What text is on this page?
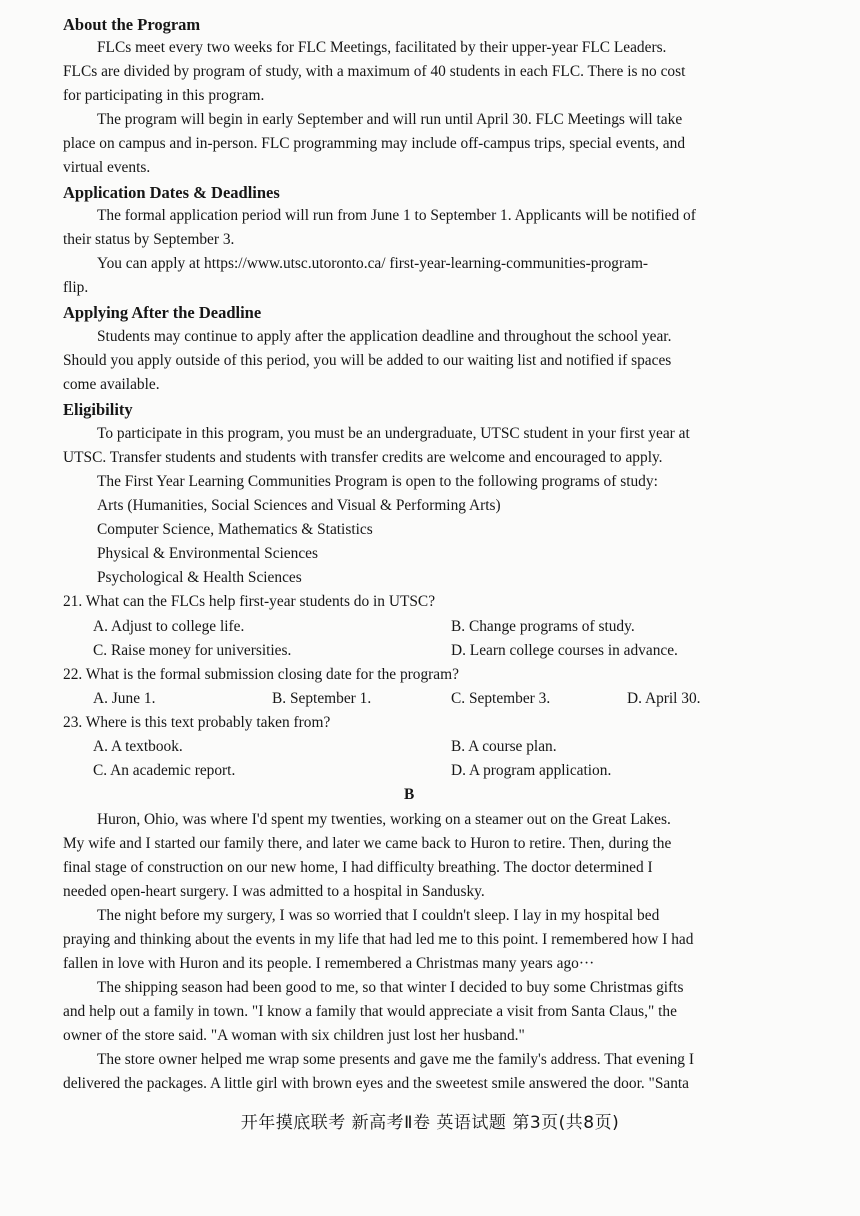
About the Program
FLCs meet every two weeks for FLC Meetings, facilitated by their upper-year FLC Leaders.
FLCs are divided by program of study, with a maximum of 40 students in each FLC. There is no cost
for participating in this program.
The program will begin in early September and will run until April 30. FLC Meetings will take
place on campus and in-person. FLC programming may include off-campus trips, special events, and
virtual events.
Application Dates & Deadlines
The formal application period will run from June 1 to September 1. Applicants will be notified of
their status by September 3.
You can apply at https://www.utsc.utoronto.ca/ first-year-learning-communities-program-
flip.
Applying After the Deadline
Students may continue to apply after the application deadline and throughout the school year.
Should you apply outside of this period, you will be added to our waiting list and notified if spaces
come available.
Eligibility
To participate in this program, you must be an undergraduate, UTSC student in your first year at
UTSC. Transfer students and students with transfer credits are welcome and encouraged to apply.
The First Year Learning Communities Program is open to the following programs of study:
Arts (Humanities, Social Sciences and Visual & Performing Arts)
Computer Science, Mathematics & Statistics
Physical & Environmental Sciences
Psychological & Health Sciences
21. What can the FLCs help first-year students do in UTSC?
A. Adjust to college life.	B. Change programs of study.
C. Raise money for universities.	D. Learn college courses in advance.
22. What is the formal submission closing date for the program?
A. June 1.	B. September 1.	C. September 3.	D. April 30.
23. Where is this text probably taken from?
A. A textbook.	B. A course plan.
C. An academic report.	D. A program application.
B
Huron, Ohio, was where I'd spent my twenties, working on a steamer out on the Great Lakes.
My wife and I started our family there, and later we came back to Huron to retire. Then, during the
final stage of construction on our new home, I had difficulty breathing. The doctor determined I
needed open-heart surgery. I was admitted to a hospital in Sandusky.
The night before my surgery, I was so worried that I couldn't sleep. I lay in my hospital bed
praying and thinking about the events in my life that had led me to this point. I remembered how I had
fallen in love with Huron and its people. I remembered a Christmas many years ago···
The shipping season had been good to me, so that winter I decided to buy some Christmas gifts
and help out a family in town. "I know a family that would appreciate a visit from Santa Claus," the
owner of the store said. "A woman with six children just lost her husband."
The store owner helped me wrap some presents and gave me the family's address. That evening I
delivered the packages. A little girl with brown eyes and the sweetest smile answered the door. "Santa
开年摸底联考 新高考Ⅱ卷 英语试题 第3页(共8页)
